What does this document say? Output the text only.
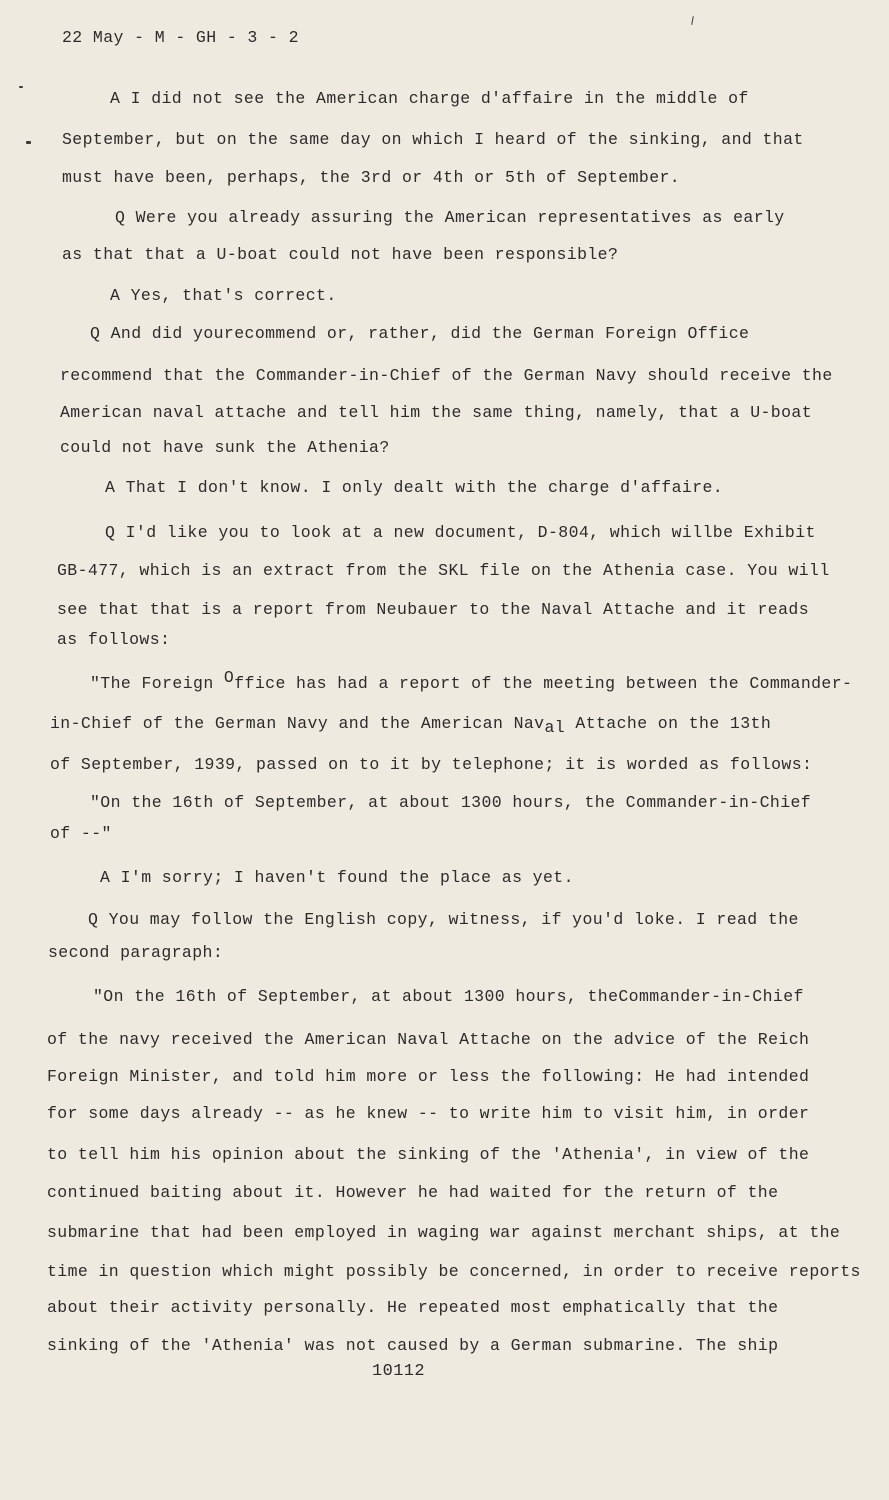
22 May - M - GH - 3 - 2
A I did not see the American charge d'affaire in the middle of
September, but on the same day on which I heard of the sinking, and that
must have been, perhaps, the 3rd or 4th or 5th of September.
Q Were you already assuring the American representatives as early
as that that a U-boat could not have been responsible?
A Yes, that's correct.
Q And did yourecommend or, rather, did the German Foreign Office
recommend that the Commander-in-Chief of the German Navy should receive the
American naval attache and tell him the same thing, namely, that a U-boat
could not have sunk the Athenia?
A That I don't know. I only dealt with the charge d'affaire.
Q I'd like you to look at a new document, D-804, which willbe Exhibit
GB-477, which is an extract from the SKL file on the Athenia case. You will
see that that is a report from Neubauer to the Naval Attache and it reads
as follows:
"The Foreign Office has had a report of the meeting between the Commander-
in-Chief of the German Navy and the American Naval Attache on the 13th
of September, 1939, passed on to it by telephone; it is worded as follows:
"On the 16th of September, at about 1300 hours, the Commander-in-Chief
of --"
A I'm sorry; I haven't found the place as yet.
Q You may follow the English copy, witness, if you'd loke. I read the
second paragraph:
"On the 16th of September, at about 1300 hours, theCommander-in-Chief
of the navy received the American Naval Attache on the advice of the Reich
Foreign Minister, and told him more or less the following: He had intended
for some days already -- as he knew -- to write him to visit him, in order
to tell him his opinion about the sinking of the 'Athenia', in view of the
continued baiting about it. However he had waited for the return of the
submarine that had been employed in waging war against merchant ships, at the
time in question which might possibly be concerned, in order to receive reports
about their activity personally. He repeated most emphatically that the
sinking of the 'Athenia' was not caused by a German submarine. The ship
10112
